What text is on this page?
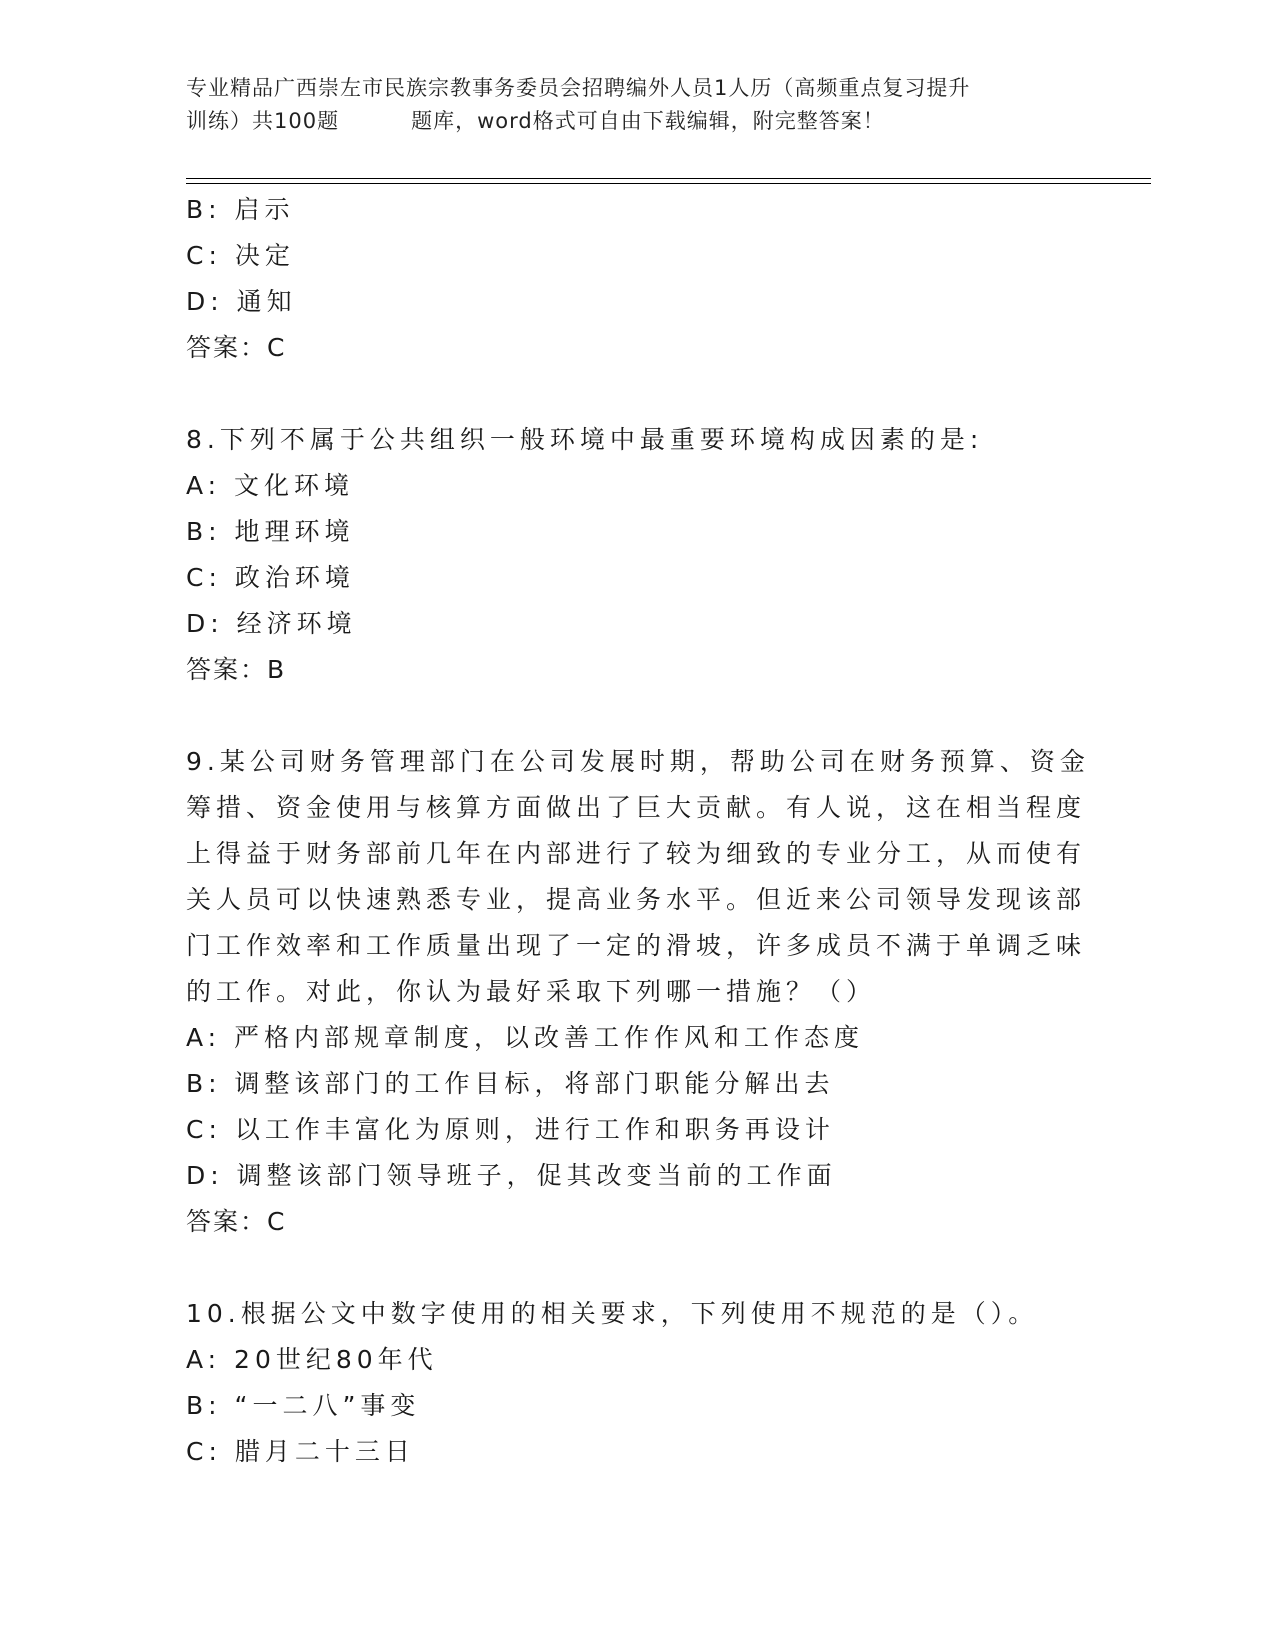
专业精品广西崇左市民族宗教事务委员会招聘编外人员1人历（高频重点复习提升
训练）共100题	题库，word格式可自由下载编辑，附完整答案！
B: 启示
C: 决定
D: 通知
答案：C
8.下列不属于公共组织一般环境中最重要环境构成因素的是:
A: 文化环境
B: 地理环境
C: 政治环境
D: 经济环境
答案：B
9.某公司财务管理部门在公司发展时期，帮助公司在财务预算、资金
筹措、资金使用与核算方面做出了巨大贡献。有人说，这在相当程度
上得益于财务部前几年在内部进行了较为细致的专业分工，从而使有
关人员可以快速熟悉专业，提高业务水平。但近来公司领导发现该部
门工作效率和工作质量出现了一定的滑坡，许多成员不满于单调乏味
的工作。对此，你认为最好采取下列哪一措施？（）
A: 严格内部规章制度，以改善工作作风和工作态度
B: 调整该部门的工作目标，将部门职能分解出去
C: 以工作丰富化为原则，进行工作和职务再设计
D: 调整该部门领导班子，促其改变当前的工作面
答案：C
10.根据公文中数字使用的相关要求，下列使用不规范的是（）。
A: 20世纪80年代
B: “一二八”事变
C: 腊月二十三日
